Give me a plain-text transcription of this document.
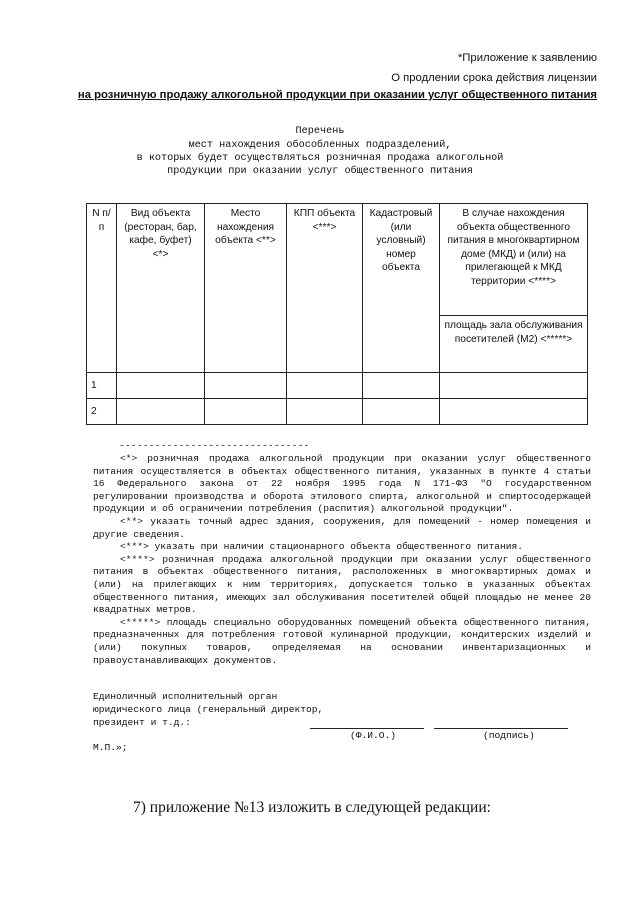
*Приложение к заявлению
О продлении срока действия лицензии
на розничную продажу алкогольной продукции при оказании услуг общественного питания
Перечень
мест нахождения обособленных подразделений,
в которых будет осуществляться розничная продажа алкогольной
продукции при оказании услуг общественного питания
N п/п	Вид объекта (ресторан, бар, кафе, буфет) <*>	Место нахождения объекта <**>	КПП объекта <***>	Кадастровый (или условный) номер объекта	В случае нахождения объекта общественного питания в многоквартирном доме (МКД) и (или) на прилегающей к МКД территории <****>
					площадь зала обслуживания посетителей (М2) <*****>
1					
2					
--------------------------------

<*> розничная продажа алкогольной продукции при оказании услуг общественного питания осуществляется в объектах общественного питания, указанных в пункте 4 статьи 16 Федерального закона от 22 ноября 1995 года N 171-ФЗ "О государственном регулировании производства и оборота этилового спирта, алкогольной и спиртосодержащей продукции и об ограничении потребления (распития) алкогольной продукции".

<**> указать точный адрес здания, сооружения, для помещений - номер помещения и другие сведения.

<***> указать при наличии стационарного объекта общественного питания.

<****> розничная продажа алкогольной продукции при оказании услуг общественного питания в объектах общественного питания, расположенных в многоквартирных домах и (или) на прилегающих к ним территориях, допускается только в указанных объектах общественного питания, имеющих зал обслуживания посетителей общей площадью не менее 20 квадратных метров.

<*****> площадь специально оборудованных помещений объекта общественного питания, предназначенных для потребления готовой кулинарной продукции, кондитерских изделий и (или) покупных товаров, определяемая на основании инвентаризационных и правоустанавливающих документов.

Единоличный исполнительный орган
юридического лица (генеральный директор,
президент и т.д.:
(Ф.И.О.)	(подпись)
М.П.»;
7) приложение №13 изложить в следующей редакции:
